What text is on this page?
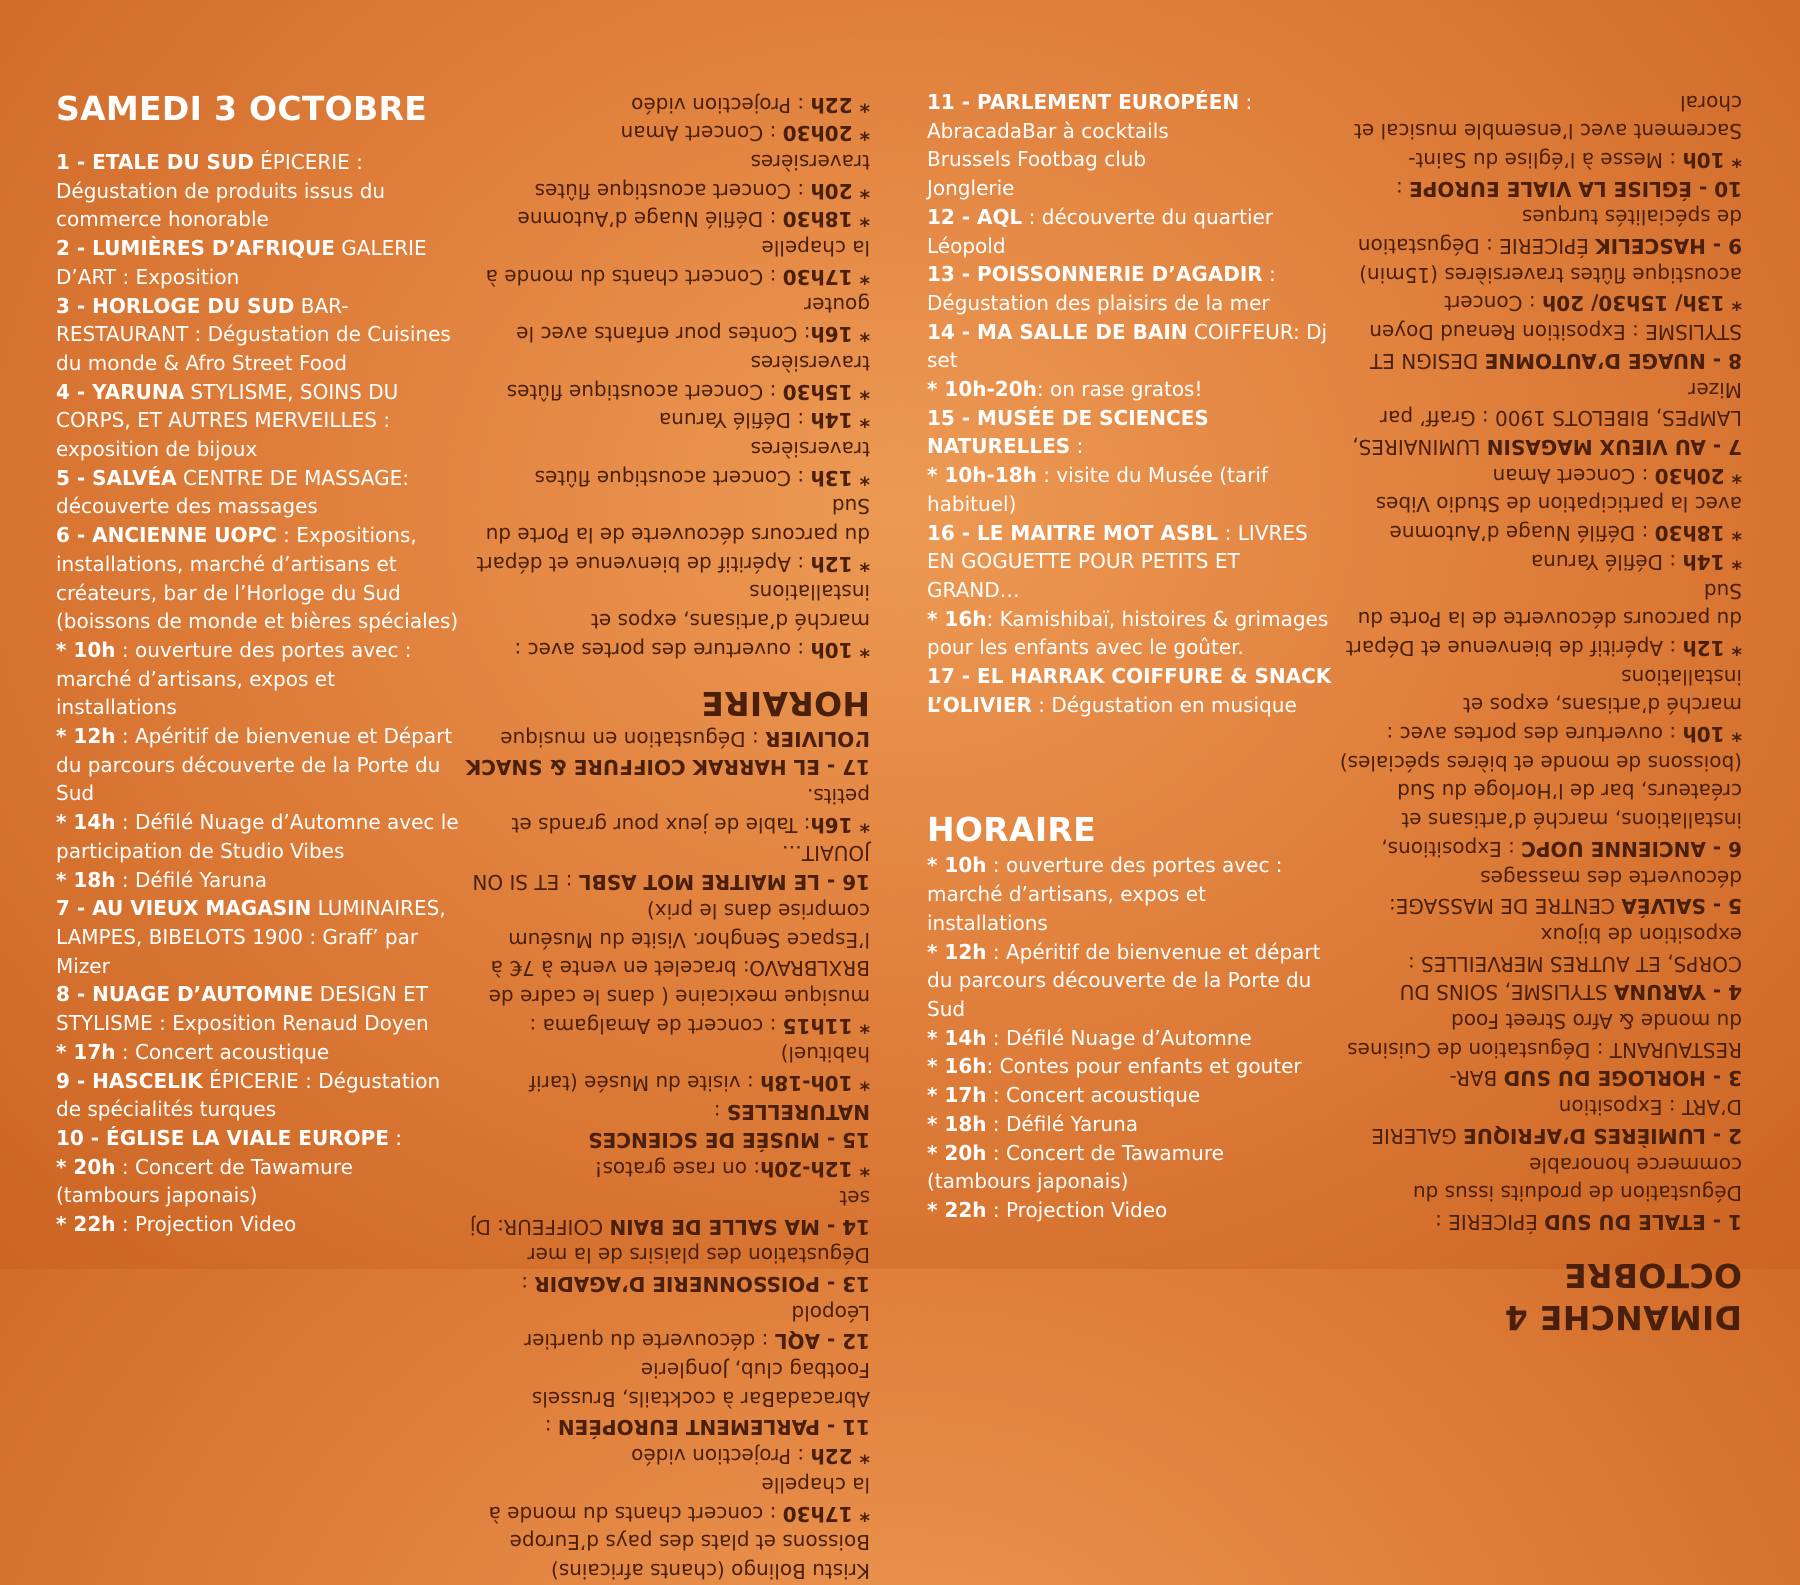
SAMEDI 3 OCTOBRE

1 - ETALE DU SUD ÉPICERIE : Dégustation de produits issus du commerce honorable

2 - LUMIÈRES D’AFRIQUE GALERIE D’ART : Exposition

3 - HORLOGE DU SUD BAR-RESTAURANT : Dégustation de Cuisines du monde & Afro Street Food

4 - YARUNA STYLISME, SOINS DU CORPS, ET AUTRES MERVEILLES : exposition de bijoux

5 - SALVÉA CENTRE DE MASSAGE: découverte des massages

6 - ANCIENNE UOPC : Expositions, installations, marché d’artisans et créateurs, bar de l’Horloge du Sud (boissons de monde et bières spéciales)

* 10h : ouverture des portes avec : marché d’artisans, expos et installations

* 12h : Apéritif de bienvenue et Départ du parcours découverte de la Porte du Sud

* 14h : Défilé Nuage d’Automne avec le participation de Studio Vibes

* 18h : Défilé Yaruna

7 - AU VIEUX MAGASIN LUMINAIRES, LAMPES, BIBELOTS 1900 : Graff’ par Mizer

8 - NUAGE D’AUTOMNE DESIGN ET STYLISME : Exposition Renaud Doyen

* 17h : Concert acoustique

9 - HASCELIK ÉPICERIE : Dégustation de spécialités turques

10 - ÉGLISE LA VIALE EUROPE :

* 20h : Concert de Tawamure (tambours japonais)

* 22h : Projection Video

Kristu Bolingo (chants africains)

Boissons et plats des pays d’Europe

* 17h30 : concert chants du monde à la chapelle

* 22h : Projection vidéo

11 - PARLEMENT EUROPÉEN :

AbracadaBar à cocktails, Brussels Footbag club, Jonglerie

12 - AQL : découverte du quartier Léopold

13 - POISSONNERIE D’AGADIR : Dégustation des plaisirs de la mer

14 - MA SALLE DE BAIN COIFFEUR: Dj set

* 12h-20h: on rase gratos!

15 - MUSÉE DE SCIENCES NATURELLES :

* 10h-18h : visite du Musée (tarif habituel)

* 11h15 : concert de Amalgama : musique mexicaine ( dans le cadre de BRXLBRAVO: bracelet en vente à 7€ à l’Espace Senghor. Visite du Muséum comprise dans le prix)

16 - LE MAITRE MOT ASBL : ET SI ON JOUAIT…

* 16h: Table de jeux pour grands et petits.

17 - EL HARRAK COIFFURE & SNACK L’OLIVIER : Dégustation en musique

HORAIRE

* 10h : ouverture des portes avec : marché d’artisans, expos et installations

* 12h : Apéritif de bienvenue et départ du parcours découverte de la Porte du Sud

* 13h : Concert acoustique flûtes traversières

* 14h : Défilé Yaruna

* 15h30 : Concert acoustique flûtes traversières

* 16h: Contes pour enfants avec le gouter

* 17h30 : Concert chants du monde à la chapelle

* 18h30 : Défilé Nuage d’Automne

* 20h : Concert acoustique flûtes traversières

* 20h30 : Concert Aman

* 22h : Projection vidéo	11 - PARLEMENT EUROPÉEN :

AbracadaBar à cocktails

Brussels Footbag club

Jonglerie

12 - AQL : découverte du quartier Léopold

13 - POISSONNERIE D’AGADIR : Dégustation des plaisirs de la mer

14 - MA SALLE DE BAIN COIFFEUR: Dj set

* 10h-20h: on rase gratos!

15 - MUSÉE DE SCIENCES NATURELLES :

* 10h-18h : visite du Musée (tarif habituel)

16 - LE MAITRE MOT ASBL : LIVRES EN GOGUETTE POUR PETITS ET GRAND…

* 16h: Kamishibaï, histoires & grimages pour les enfants avec le goûter.

17 - EL HARRAK COIFFURE & SNACK L’OLIVIER : Dégustation en musique

HORAIRE

* 10h : ouverture des portes avec : marché d’artisans, expos et installations

* 12h : Apéritif de bienvenue et départ du parcours découverte de la Porte du Sud

* 14h : Défilé Nuage d’Automne

* 16h: Contes pour enfants et gouter

* 17h : Concert acoustique

* 18h : Défilé Yaruna

* 20h : Concert de Tawamure (tambours japonais)

* 22h : Projection Video

DIMANCHE 4 OCTOBRE

1 - ETALE DU SUD ÉPICERIE : Dégustation de produits issus du commerce honorable

2 - LUMIÈRES D’AFRIQUE GALERIE D’ART : Exposition

3 - HORLOGE DU SUD BAR-RESTAURANT : Dégustation de Cuisines du monde & Afro Street Food

4 - YARUNA STYLISME, SOINS DU CORPS, ET AUTRES MERVEILLES : exposition de bijoux

5 - SALVÉA CENTRE DE MASSAGE: découverte des massages

6 - ANCIENNE UOPC : Expositions, installations, marché d’artisans et créateurs, bar de l’Horloge du Sud (boissons de monde et bières spéciales)

* 10h : ouverture des portes avec : marché d’artisans, expos et installations

* 12h : Apéritif de bienvenue et Départ du parcours découverte de la Porte du Sud

* 14h : Défilé Yaruna

* 18h30 : Défilé Nuage d’Automne avec la participation de Studio Vibes

* 20h30 : Concert Aman

7 - AU VIEUX MAGASIN LUMINAIRES, LAMPES, BIBELOTS 1900 : Graff’ par Mizer

8 - NUAGE D’AUTOMNE DESIGN ET STYLISME : Exposition Renaud Doyen

* 13h/ 15h30/ 20h : Concert acoustique flûtes traversières (15min)

9 - HASCELIK ÉPICERIE : Dégustation de spécialités turques

10 - ÉGLISE LA VIALE EUROPE :

* 10h : Messe à l’église du Saint-Sacrement avec l’ensemble musical et choral
